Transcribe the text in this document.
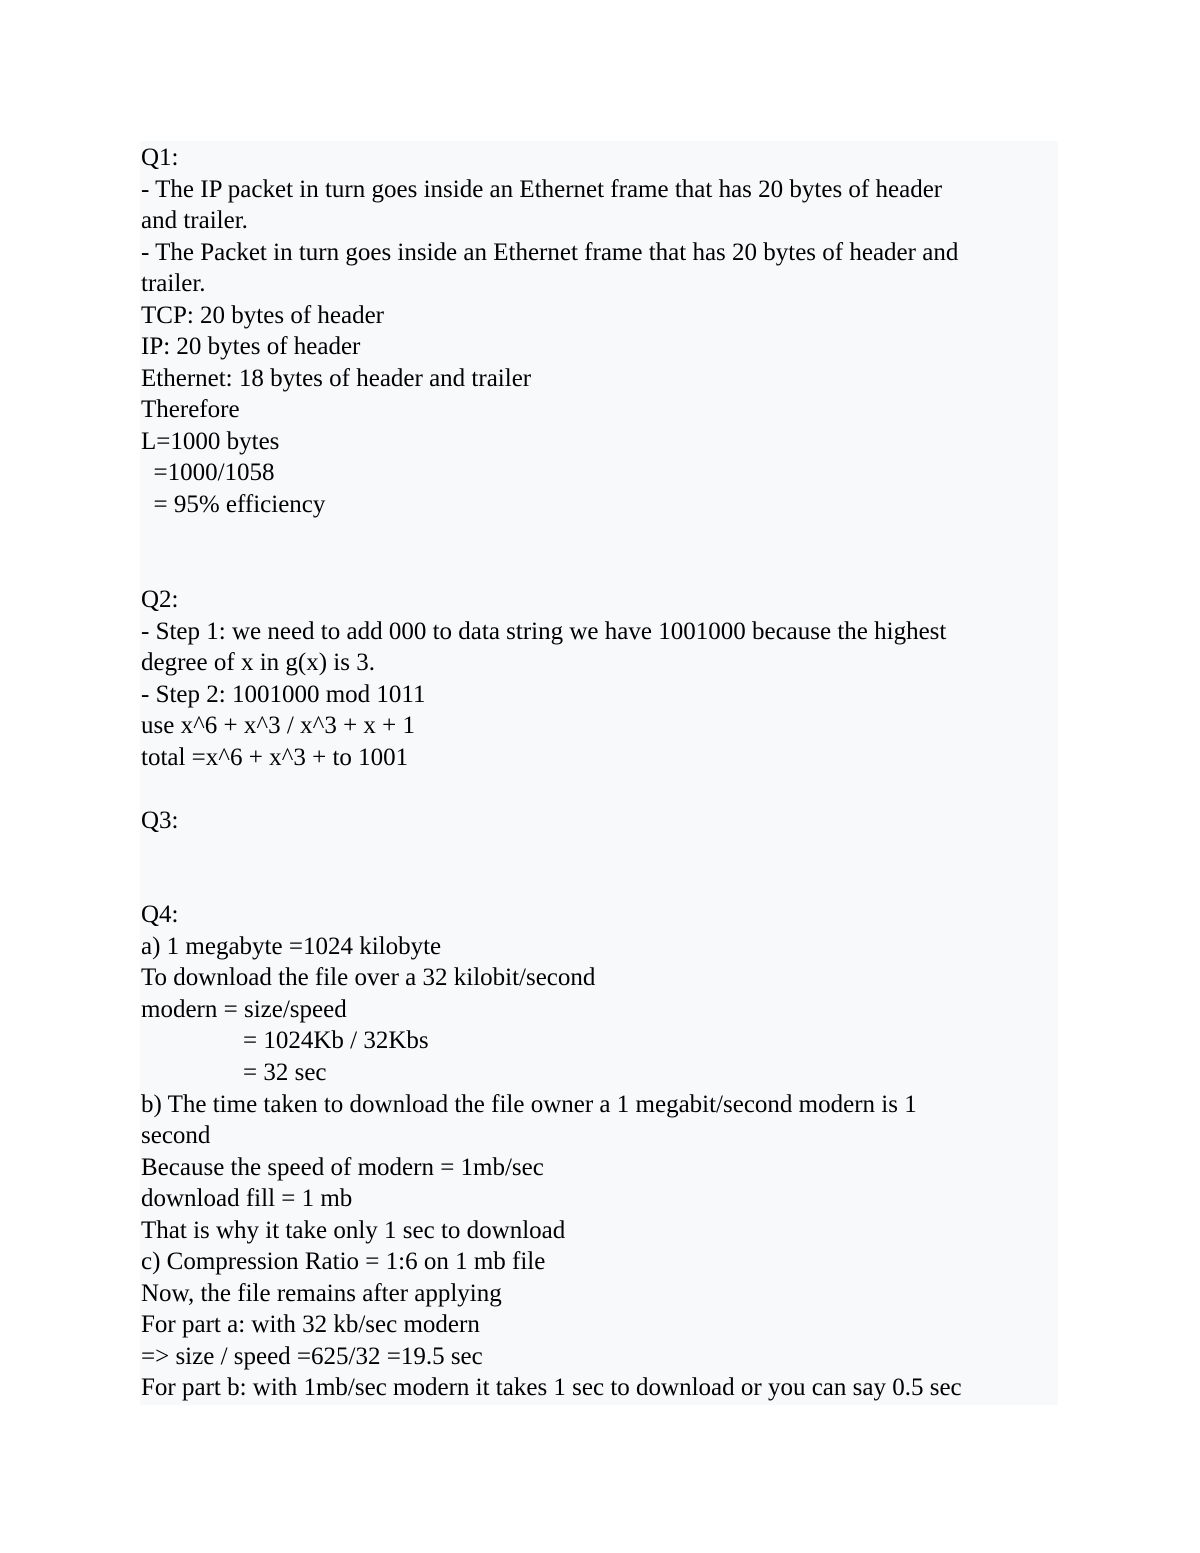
Q1:

- The IP packet in turn goes inside an Ethernet frame that has 20 bytes of header

and trailer.

- The Packet in turn goes inside an Ethernet frame that has 20 bytes of header and

trailer.

TCP: 20 bytes of header

IP: 20 bytes of header

Ethernet: 18 bytes of header and trailer

Therefore

L=1000 bytes

=1000/1058

= 95% efficiency

Q2:

- Step 1: we need to add 000 to data string we have 1001000 because the highest

degree of x in g(x) is 3.

- Step 2: 1001000 mod 1011

use x^6 + x^3 / x^3 + x + 1

total =x^6 + x^3 + to 1001

Q3:

Q4:

a) 1 megabyte =1024 kilobyte

To download the file over a 32 kilobit/second

modern = size/speed

= 1024Kb / 32Kbs

= 32 sec

b) The time taken to download the file owner a 1 megabit/second modern is 1

second

Because the speed of modern = 1mb/sec

download fill = 1 mb

That is why it take only 1 sec to download

c) Compression Ratio = 1:6 on 1 mb file

Now, the file remains after applying

For part a: with 32 kb/sec modern

=> size / speed =625/32 =19.5 sec

For part b: with 1mb/sec modern it takes 1 sec to download or you can say 0.5 sec
